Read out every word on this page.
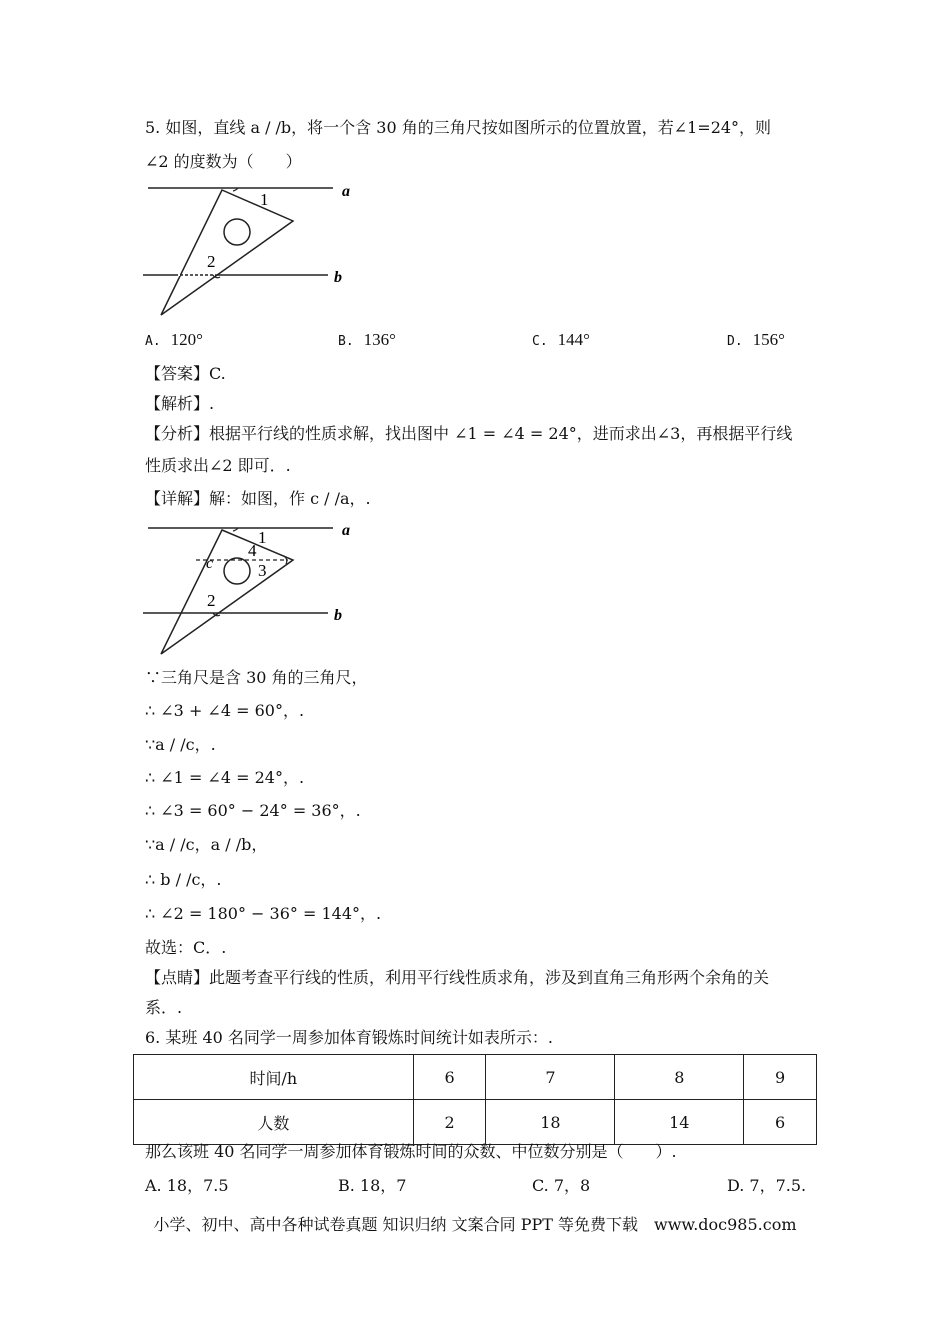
5. 如图，直线 a / /b，将一个含 30 角的三角尺按如图所示的位置放置，若∠1=24°，则
∠2 的度数为（　　）
1
2
a
b
A. 120°	B. 136°	C. 144°	D. 156°
【答案】C.
【解析】.
【分析】根据平行线的性质求解，找出图中 ∠1 = ∠4 = 24°，进而求出∠3，再根据平行线
性质求出∠2 即可．.
【详解】解：如图，作 c / /a，.
1
4
3
2
c
a
b
∵三角尺是含 30 角的三角尺，
∴ ∠3 + ∠4 = 60°，.
∵a / /c，.
∴ ∠1 = ∠4 = 24°，.
∴ ∠3 = 60° − 24° = 36°，.
∵a / /c，a / /b，
∴ b / /c，.
∴ ∠2 = 180° − 36° = 144°，.
故选：C．.
【点睛】此题考查平行线的性质，利用平行线性质求角，涉及到直角三角形两个余角的关
系．.
6. 某班 40 名同学一周参加体育锻炼时间统计如表所示：.
时间/h	6	7	8	9
人数	2	18	14	6
那么该班 40 名同学一周参加体育锻炼时间的众数、中位数分别是（　　）.
A. 18，7.5	B. 18，7	C. 7，8	D. 7，7.5.
小学、初中、高中各种试卷真题 知识归纳 文案合同 PPT 等免费下载　www.doc985.com
